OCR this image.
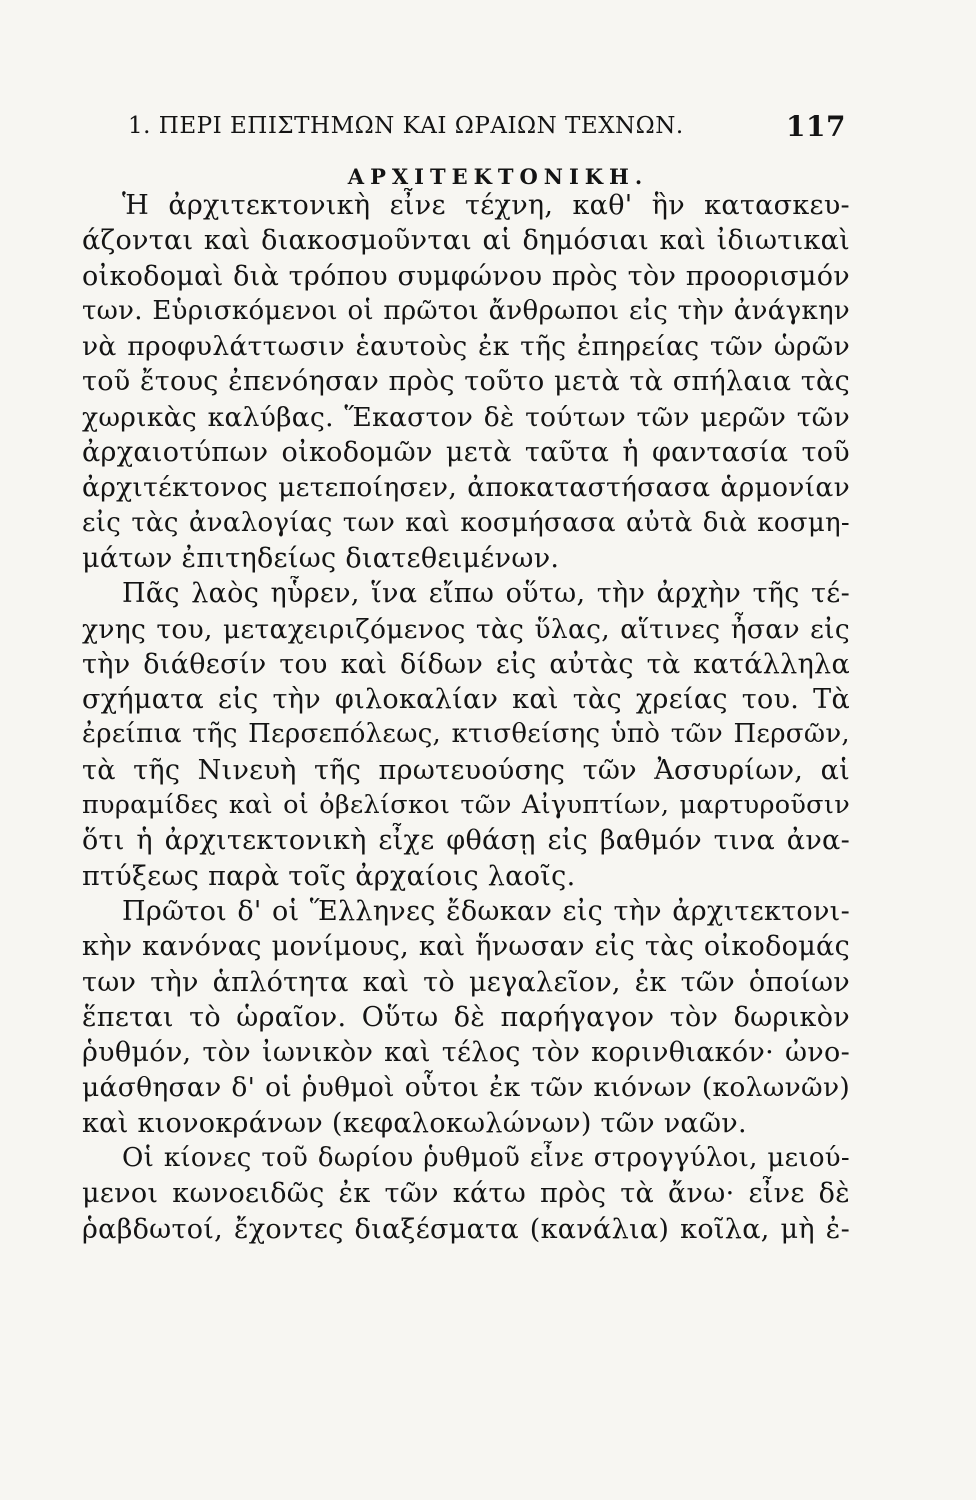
1. ΠΕΡΙ ΕΠΙΣΤΗΜΩΝ ΚΑΙ ΩΡΑΙΩΝ ΤΕΧΝΩΝ.	117
ΑΡΧΙΤΕΚΤΟΝΙΚΗ.
Ἡ ἀρχιτεκτονικὴ εἶνε τέχνη, καθ' ἣν κατασκευ-
άζονται καὶ διακοσμοῦνται αἱ δημόσιαι καὶ ἰδιωτικαὶ
οἰκοδομαὶ διὰ τρόπου συμφώνου πρὸς τὸν προορισμόν
των. Εὑρισκόμενοι οἱ πρῶτοι ἄνθρωποι εἰς τὴν ἀνάγκην
νὰ προφυλάττωσιν ἑαυτοὺς ἐκ τῆς ἐπηρείας τῶν ὡρῶν
τοῦ ἔτους ἐπενόησαν πρὸς τοῦτο μετὰ τὰ σπήλαια τὰς
χωρικὰς καλύβας. Ἕκαστον δὲ τούτων τῶν μερῶν τῶν
ἀρχαιοτύπων οἰκοδομῶν μετὰ ταῦτα ἡ φαντασία τοῦ
ἀρχιτέκτονος μετεποίησεν, ἀποκαταστήσασα ἁρμονίαν
εἰς τὰς ἀναλογίας των καὶ κοσμήσασα αὐτὰ διὰ κοσμη-
μάτων ἐπιτηδείως διατεθειμένων.
Πᾶς λαὸς ηὗρεν, ἵνα εἴπω οὕτω, τὴν ἀρχὴν τῆς τέ-
χνης του, μεταχειριζόμενος τὰς ὕλας, αἵτινες ἦσαν εἰς
τὴν διάθεσίν του καὶ δίδων εἰς αὐτὰς τὰ κατάλληλα
σχήματα εἰς τὴν φιλοκαλίαν καὶ τὰς χρείας του. Τὰ
ἐρείπια τῆς Περσεπόλεως, κτισθείσης ὑπὸ τῶν Περσῶν,
τὰ τῆς Νινευὴ τῆς πρωτευούσης τῶν Ἀσσυρίων, αἱ
πυραμίδες καὶ οἱ ὀβελίσκοι τῶν Αἰγυπτίων, μαρτυροῦσιν
ὅτι ἡ ἀρχιτεκτονικὴ εἶχε φθάσῃ εἰς βαθμόν τινα ἀνα-
πτύξεως παρὰ τοῖς ἀρχαίοις λαοῖς.
Πρῶτοι δ' οἱ Ἕλληνες ἔδωκαν εἰς τὴν ἀρχιτεκτονι-
κὴν κανόνας μονίμους, καὶ ἥνωσαν εἰς τὰς οἰκοδομάς
των τὴν ἁπλότητα καὶ τὸ μεγαλεῖον, ἐκ τῶν ὁποίων
ἕπεται τὸ ὡραῖον. Οὕτω δὲ παρήγαγον τὸν δωρικὸν
ῥυθμόν, τὸν ἰωνικὸν καὶ τέλος τὸν κορινθιακόν· ὠνο-
μάσθησαν δ' οἱ ῥυθμοὶ οὗτοι ἐκ τῶν κιόνων (κολωνῶν)
καὶ κιονοκράνων (κεφαλοκωλώνων) τῶν ναῶν.
Οἱ κίονες τοῦ δωρίου ῥυθμοῦ εἶνε στρογγύλοι, μειού-
μενοι κωνοειδῶς ἐκ τῶν κάτω πρὸς τὰ ἄνω· εἶνε δὲ
ῥαβδωτοί, ἔχοντες διαξέσματα (κανάλια) κοῖλα, μὴ ἐ-
